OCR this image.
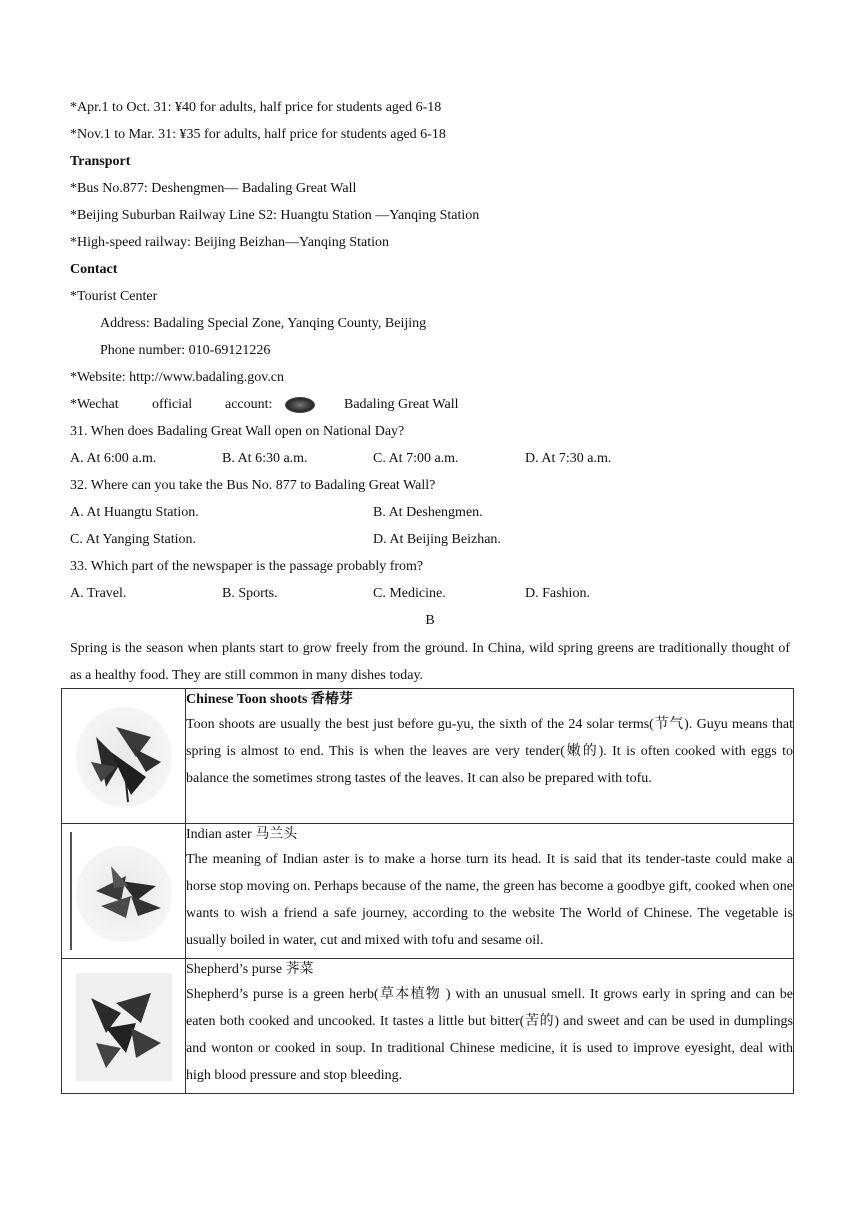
*Apr.1 to Oct. 31: ¥40 for adults, half price for students aged 6-18
*Nov.1 to Mar. 31: ¥35 for adults, half price for students aged 6-18
Transport
*Bus No.877: Deshengmen— Badaling Great Wall
*Beijing Suburban Railway Line S2: Huangtu Station —Yanqing Station
*High-speed railway: Beijing Beizhan—Yanqing Station
Contact
*Tourist Center
Address: Badaling Special Zone, Yanqing County, Beijing
Phone number: 010-69121226
*Website: http://www.badaling.gov.cn
*Wechat official account:	Badaling Great Wall
31. When does Badaling Great Wall open on National Day?
A. At 6:00 a.m.	B. At 6:30 a.m.	C. At 7:00 a.m.	D. At 7:30 a.m.
32. Where can you take the Bus No. 877 to Badaling Great Wall?
A. At Huangtu Station.	B. At Deshengmen.
C. At Yanging Station.	D. At Beijing Beizhan.
33. Which part of the newspaper is the passage probably from?
A. Travel.	B. Sports.	C. Medicine.	D. Fashion.
B
Spring is the season when plants start to grow freely from the ground. In China, wild spring greens are traditionally thought of as a healthy food. They are still common in many dishes today.

Chinese Toon shoots 香椿芽
Toon shoots are usually the best just before gu-yu, the sixth of the 24 solar terms(节气). Guyu means that spring is almost to end. This is when the leaves are very tender(嫩的). It is often cooked with eggs to balance the sometimes strong tastes of the leaves. It can also be prepared with tofu.

Indian aster 马兰头
The meaning of Indian aster is to make a horse turn its head. It is said that its tender-taste could make a horse stop moving on. Perhaps because of the name, the green has become a goodbye gift, cooked when one wants to wish a friend a safe journey, according to the website The World of Chinese. The vegetable is usually boiled in water, cut and mixed with tofu and sesame oil.

Shepherd’s purse 荠菜
Shepherd’s purse is a green herb(草本植物 ) with an unusual smell. It grows early in spring and can be eaten both cooked and uncooked. It tastes a little but bitter(苦的) and sweet and can be used in dumplings and wonton or cooked in soup. In traditional Chinese medicine, it is used to improve eyesight, deal with high blood pressure and stop bleeding.
